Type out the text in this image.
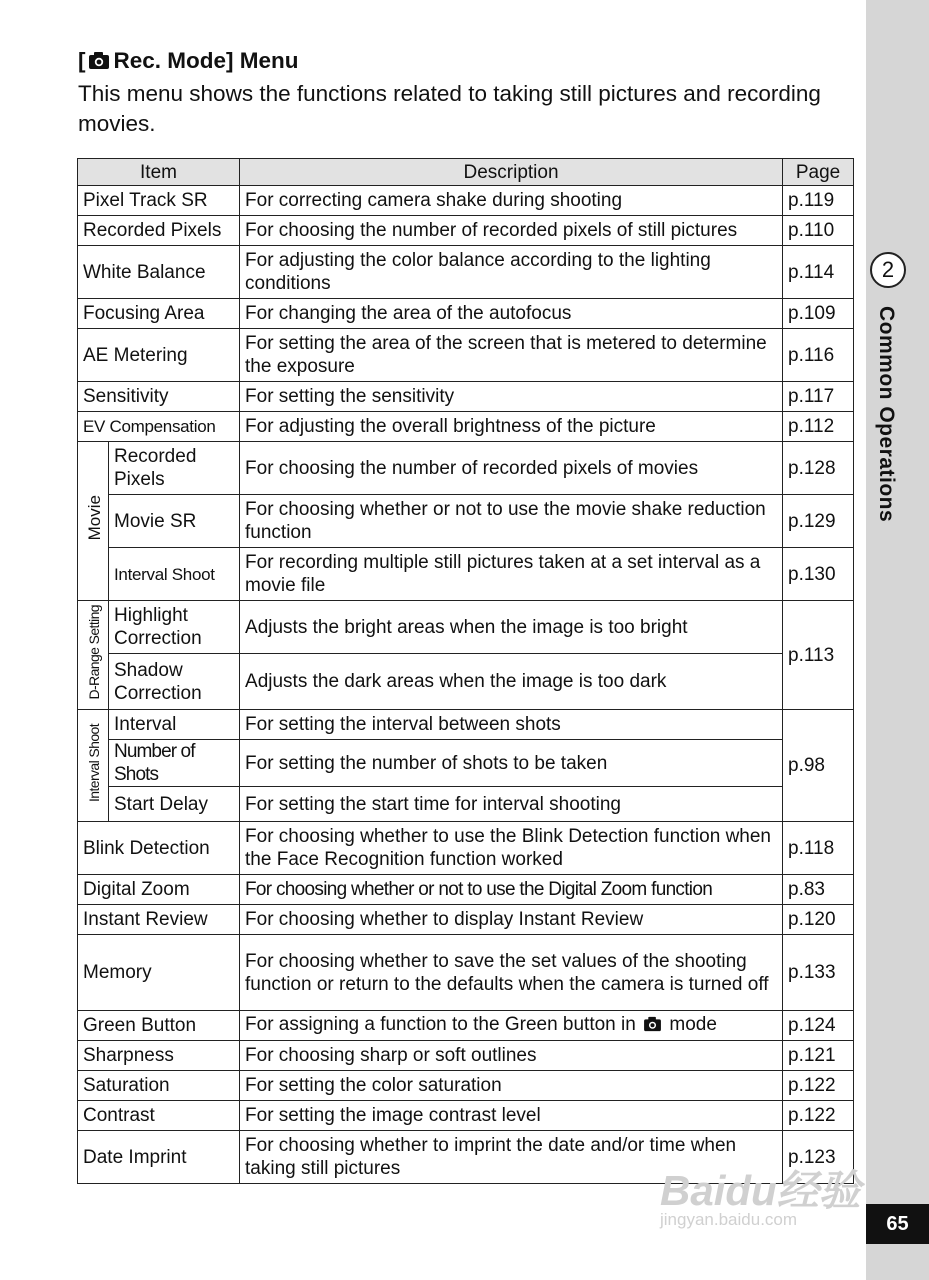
2
Common Operations
65
[ Rec. Mode] Menu
This menu shows the functions related to taking still pictures and recording movies.
Item		Description	Page
Pixel Track SR		For correcting camera shake during shooting	p.119
Recorded Pixels		For choosing the number of recorded pixels of still pictures	p.110
White Balance		For adjusting the color balance according to the lighting conditions	p.114
Focusing Area		For changing the area of the autofocus	p.109
AE Metering		For setting the area of the screen that is metered to determine the exposure	p.116
Sensitivity		For setting the sensitivity	p.117
EV Compensation		For adjusting the overall brightness of the picture	p.112
Movie	Recorded Pixels	For choosing the number of recorded pixels of movies	p.128
	Movie SR	For choosing whether or not to use the movie shake reduction function	p.129
	Interval Shoot	For recording multiple still pictures taken at a set interval as a movie file	p.130
D-Range Setting	Highlight Correction	Adjusts the bright areas when the image is too bright	p.113
	Shadow Correction	Adjusts the dark areas when the image is too dark	
Interval Shoot	Interval	For setting the interval between shots	p.98
	Number of Shots	For setting the number of shots to be taken	
	Start Delay	For setting the start time for interval shooting	
Blink Detection		For choosing whether to use the Blink Detection function when the Face Recognition function worked	p.118
Digital Zoom		For choosing whether or not to use the Digital Zoom function	p.83
Instant Review		For choosing whether to display Instant Review	p.120
Memory		For choosing whether to save the set values of the shooting function or return to the defaults when the camera is turned off	p.133
Green Button		For assigning a function to the Green button in mode	p.124
Sharpness		For choosing sharp or soft outlines	p.121
Saturation		For setting the color saturation	p.122
Contrast		For setting the image contrast level	p.122
Date Imprint		For choosing whether to imprint the date and/or time when taking still pictures	p.123
Baidu经验
jingyan.baidu.com
